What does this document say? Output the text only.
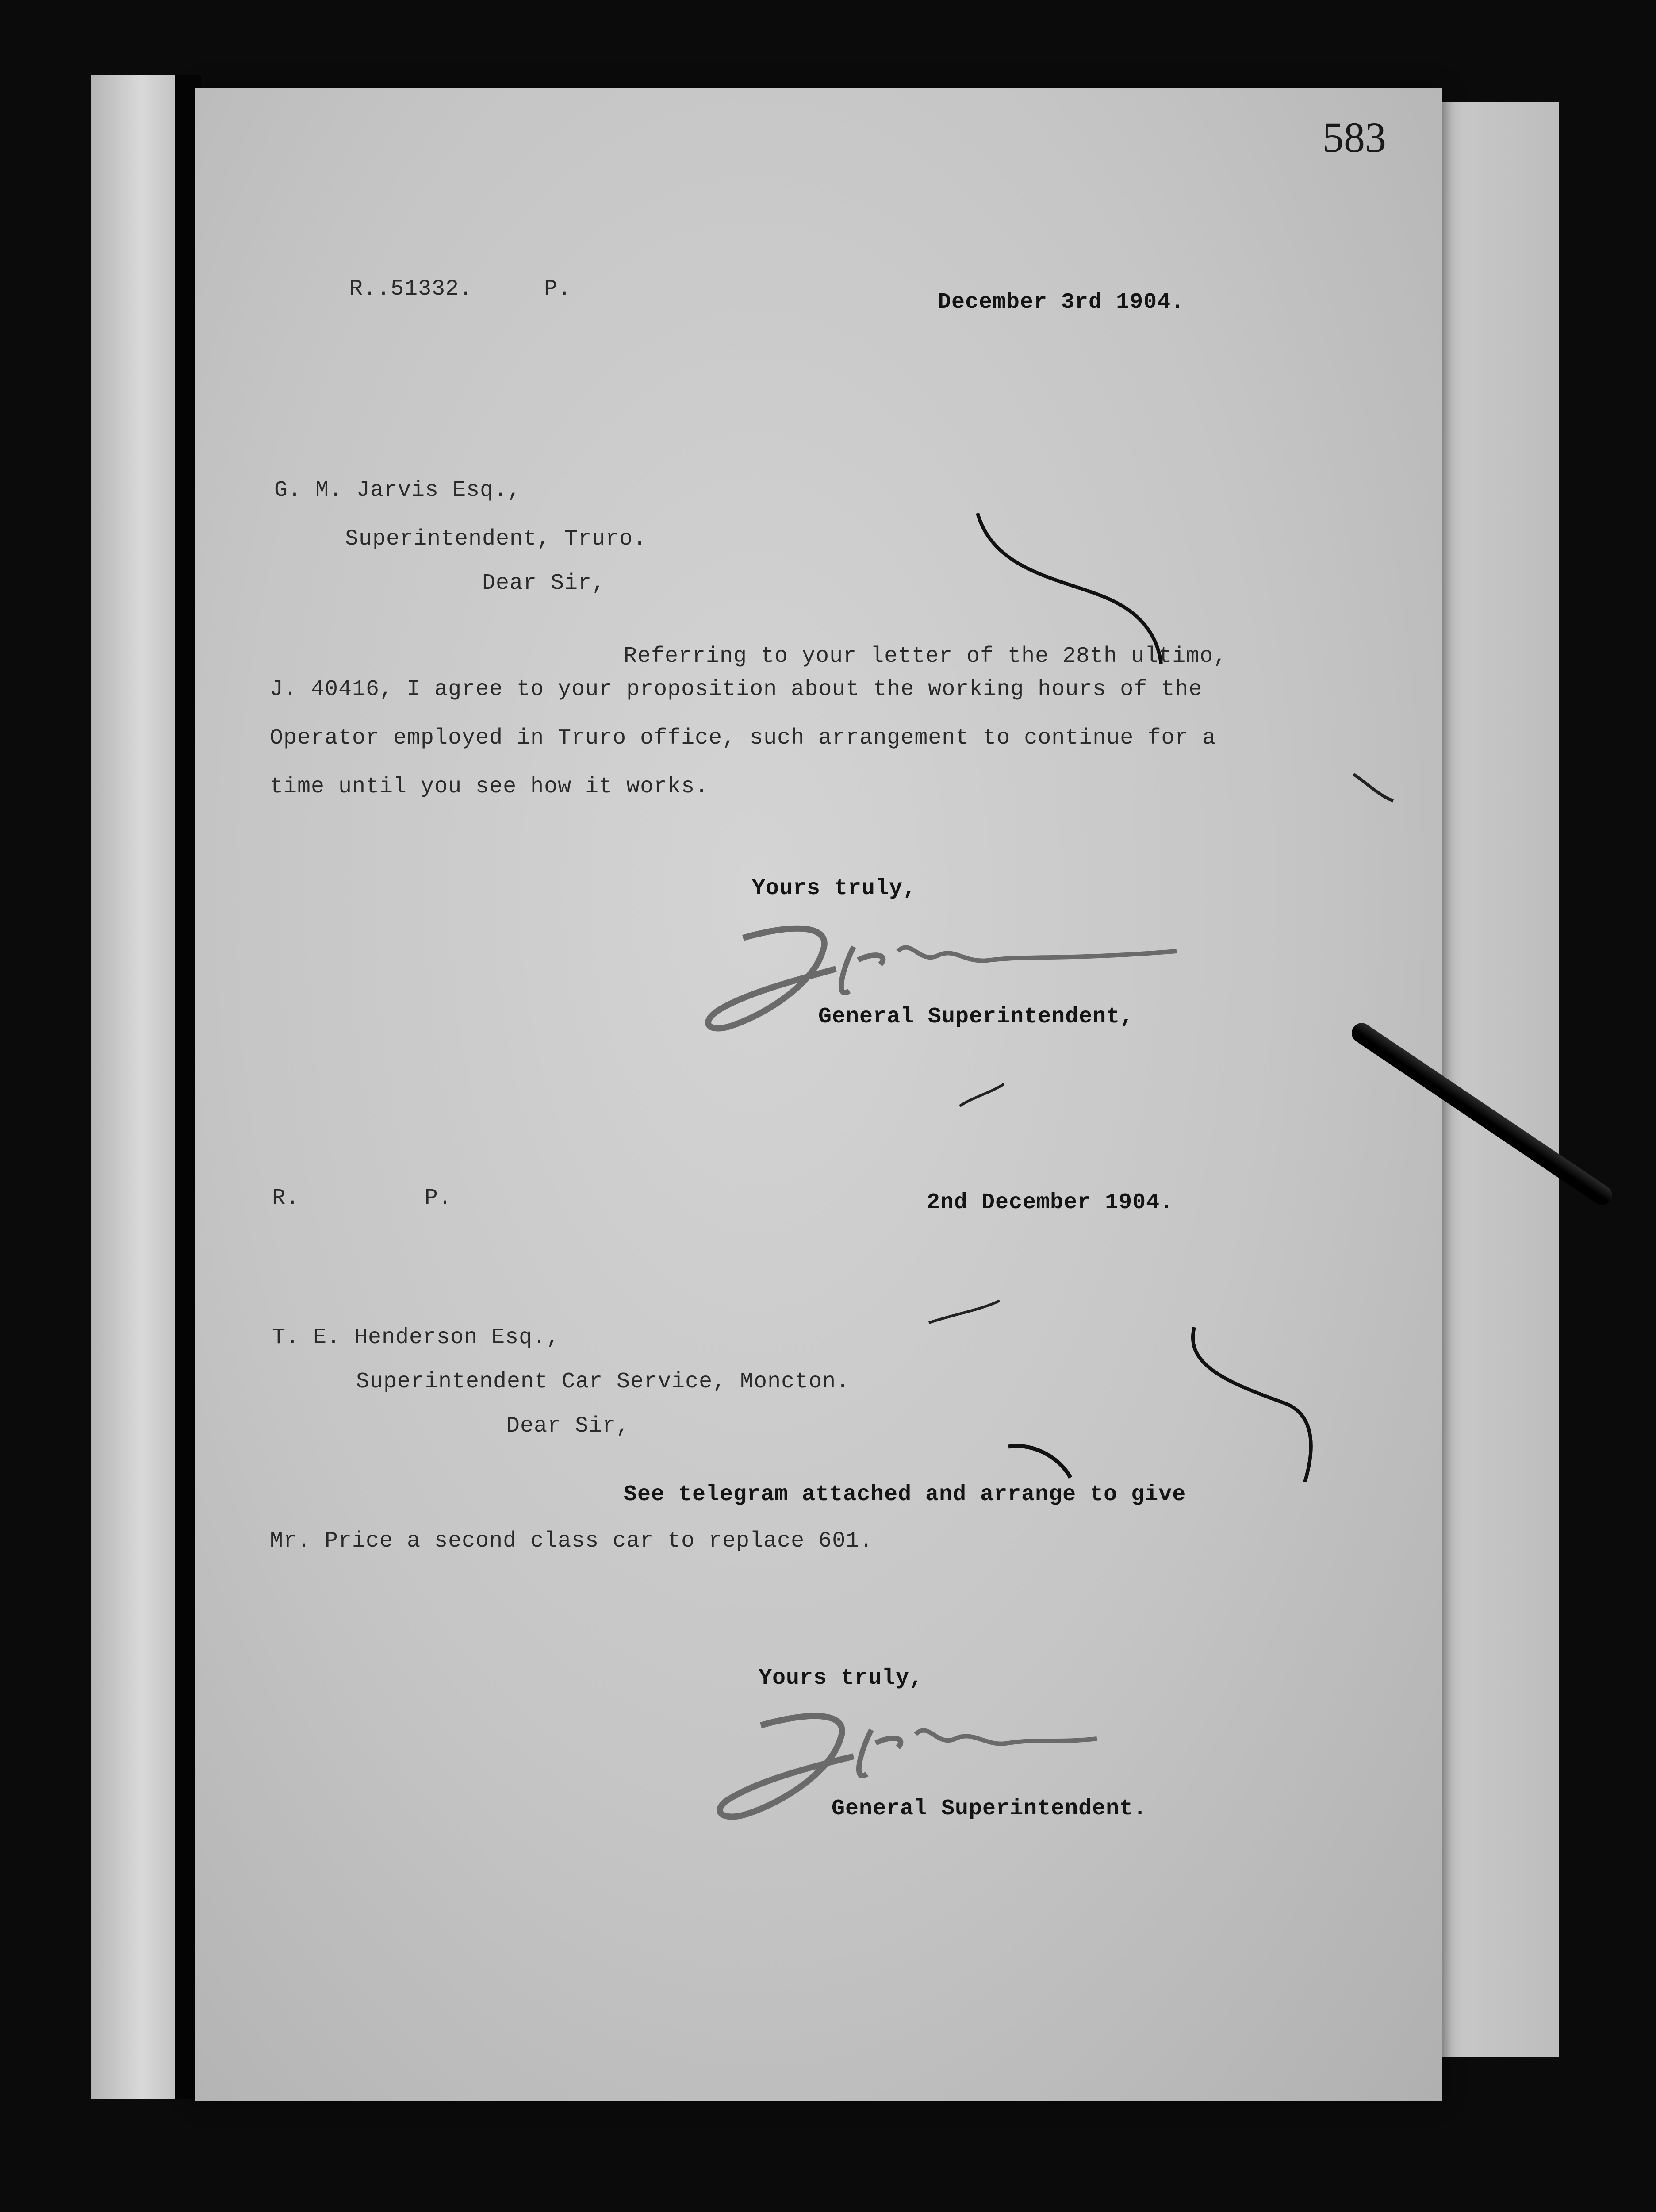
583
R..51332.	P.
December 3rd 1904.
G. M. Jarvis Esq.,
Superintendent, Truro.
Dear Sir,
Referring to your letter of the 28th ultimo,
J. 40416, I agree to your proposition about the working hours of the
Operator employed in Truro office, such arrangement to continue for a
time until you see how it works.
Yours truly,
General Superintendent,
R.	P.	2nd December 1904.
T. E. Henderson Esq.,
Superintendent Car Service, Moncton.
Dear Sir,
See telegram attached and arrange to give
Mr. Price a second class car to replace 601.
Yours truly,
General Superintendent.
